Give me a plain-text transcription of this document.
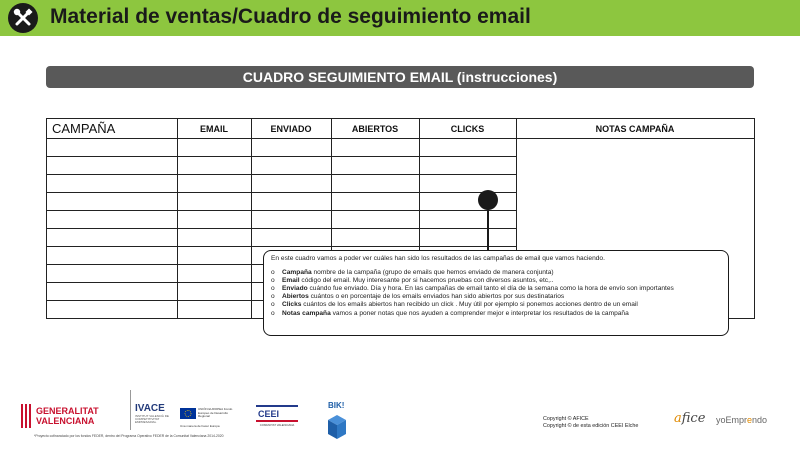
Material de ventas/Cuadro de seguimiento email
CUADRO SEGUIMIENTO EMAIL (instrucciones)
CAMPAÑA	EMAIL	ENVIADO	ABIERTOS	CLICKS	NOTAS CAMPAÑA
En este cuadro vamos a poder ver cuáles han sido los resultados de las campañas de email que vamos haciendo.
o Campaña nombre de la campaña (grupo de emails que hemos enviado de manera conjunta)
o Email código del email. Muy interesante por si hacemos pruebas con diversos asuntos, etc,..
o Enviado cuándo fue enviado. Día y hora. En las campañas de email tanto el día de la semana como la hora de envío son importantes
o Abiertos cuántos o en porcentaje de los emails enviados han sido abiertos por sus destinatarios
o Clicks cuántos de los emails abiertos han recibido un click . Muy útil por ejemplo si ponemos acciones dentro de un email
o Notas campaña vamos a poner notas que nos ayuden a comprender mejor e interpretar los resultados de la campaña
GENERALITAT
VALENCIANA
IVACE
INSTITUT VALENCIÀ DE COMPETITIVITAT EMPRESARIAL
*Proyecto cofinanciado por los fondos FEDER, dentro del Programa Operativo FEDER de la Comunitat Valenciana 2014-2020
UNIÓN EUROPEA Fondo Europeo de Desarrollo Regional
Una manera de hacer Europa
CEEI
COMUNITAT VALENCIANA
BIK!
Copyright © AFICE
Copyright © de esta edición CEEI Elche	afice yoEmprendo
